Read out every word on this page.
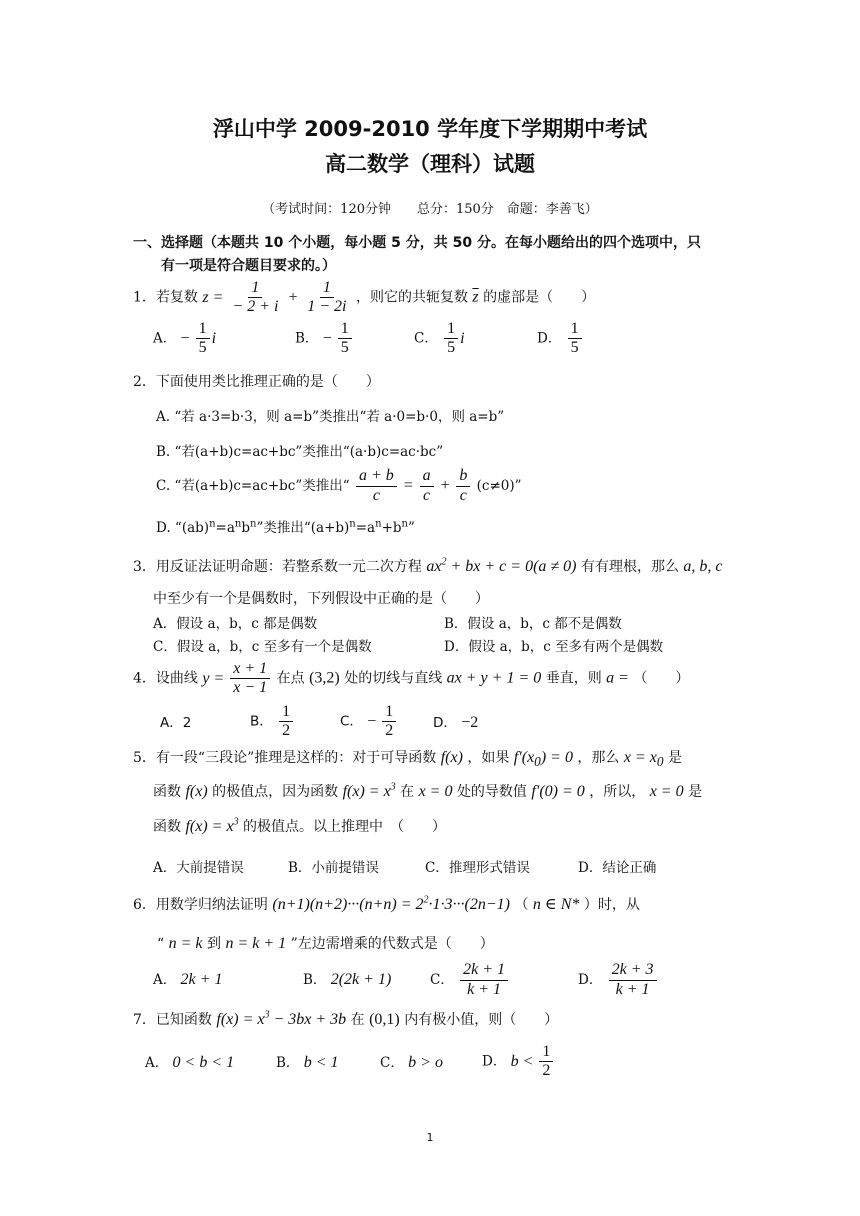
浮山中学 2009-2010 学年度下学期期中考试
高二数学（理科）试题
（考试时间：120分钟　　总分：150分　命题：李善飞）
一、选择题（本题共 10 个小题，每小题 5 分，共 50 分。在每小题给出的四个选项中，只
有一项是符合题目要求的。）
1．若复数 $z = \frac{1}{- 2 + i} + \frac{1}{1 - 2i}$ ，则它的共轭复数 $\overline{z}$ 的虚部是（　　）
A． − $\frac{1}{5}$ i	B． − $\frac{1}{5}$	C． $\frac{1}{5}$ i	D． $\frac{1}{5}$
2．下面使用类比推理正确的是（　　）
A. “若 a·3=b·3，则 a=b”类推出“若 a·0=b·0，则 a=b”
B. “若(a+b)c=ac+bc”类推出“(a·b)c=ac·bc”
C. “若(a+b)c=ac+bc”类推出“ $\frac{a + b}{c} = \frac{a}{c} + \frac{b}{c} (c\ne 0)$”
D. “$(ab)^n=a^nb^n$”类推出“$(a+b)^n=a^n+b^n$”
3．用反证法证明命题：若整系数一元二次方程 $ax^2$ + bx + c = 0(a ≠ 0) 有有理根，那么 a, b, c
中至少有一个是偶数时，下列假设中正确的是（　　）
A．假设 a，b，c 都是偶数	B．假设 a，b，c 都不是偶数
C．假设 a，b，c 至多有一个是偶数	D．假设 a，b，c 至多有两个是偶数
4．设曲线 $y = \frac{x + 1}{x - 1}$ 在点 (3,2) 处的切线与直线 ax + y + 1 = 0 垂直，则 a = （　　）
A．2	B． $\frac{1}{2}$	C． − $\frac{1}{2}$	D． −2
5．有一段“三段论”推理是这样的：对于可导函数 f(x) ，如果 $f'(x_0) = 0$ ，那么 $x = x_0$ 是
函数 f(x) 的极值点，因为函数 $f(x) = x^3$ 在 x = 0 处的导数值 f′(0) = 0 ，所以， x = 0 是
函数 $f(x) = x^3$ 的极值点。以上推理中　（　　）
A．大前提错误	B．小前提错误	C．推理形式错误	D．结论正确
6．用数学归纳法证明 $(n+1)(n+2)\cdot\cdot\cdot(n+n) = 2^2\cdot 1\cdot 3\cdot\cdot\cdot(2n-1)$ （ n ∈ N* ）时，从
“ n = k 到 n = k + 1 ”左边需增乘的代数式是（　　）
A． 2k + 1	B． 2(2k + 1)	C． $\frac{2k + 1}{k + 1}$	D． $\frac{2k + 3}{k + 1}$
7．已知函数 $f(x) = x^3 - 3bx + 3b$ 在 (0,1) 内有极小值，则（　　）
A． 0 < b < 1	B． b < 1	C． b > o	D． $b < \frac{1}{2}$
1
